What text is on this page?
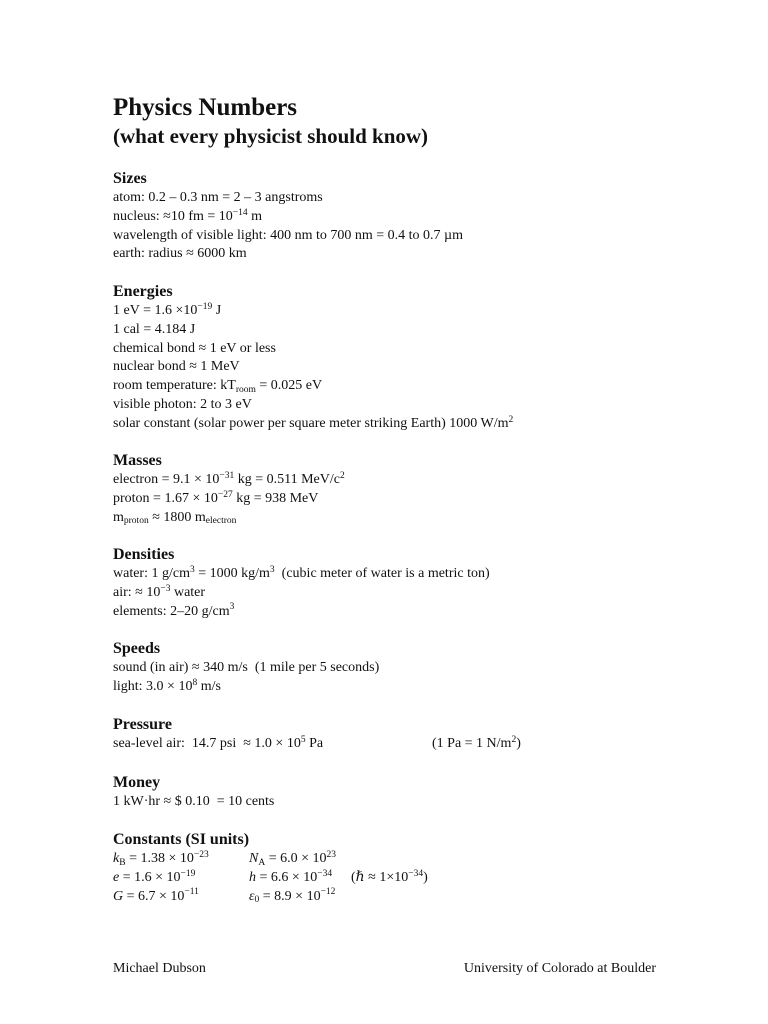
Physics Numbers
(what every physicist should know)
Sizes
atom: 0.2 – 0.3 nm = 2 – 3 angstroms
nucleus: ≈10 fm = $10^{-14}$ m
wavelength of visible light: 400 nm to 700 nm = 0.4 to 0.7 µm
earth: radius ≈ 6000 km
Energies
1 eV = $1.6 \times 10^{-19}$ J
1 cal = 4.184 J
chemical bond ≈ 1 eV or less
nuclear bond ≈ 1 MeV
room temperature: $kT_{room} = 0.025$ eV
visible photon: 2 to 3 eV
solar constant (solar power per square meter striking Earth) 1000 $W/m^2$
Masses
electron = $9.1 \times 10^{-31}$ kg = 0.511 MeV/$c^2$
proton = $1.67 \times 10^{-27}$ kg = 938 MeV
$m_{proton} \approx 1800$ $m_{electron}$
Densities
water: 1 $g/cm^3 = 1000$ $kg/m^3$  (cubic meter of water is a metric ton)
air: ≈ $10^{-3}$ water
elements: 2–20 $g/cm^3$
Speeds
sound (in air) ≈ 340 m/s  (1 mile per 5 seconds)
light: $3.0 \times 10^8$ m/s
Pressure
sea-level air:  14.7 psi  ≈ $1.0 \times 10^5$ Pa	(1 Pa = 1 $N/m^2$)
Money
1 kW·hr ≈ $ 0.10  = 10 cents
Constants (SI units)
$k_B = 1.38 \times 10^{-23}$	$N_A = 6.0 \times 10^{23}$
$e = 1.6 \times 10^{-19}$	$h = 6.6 \times 10^{-34}$ (ℏ ≈ $1\times 10^{-34}$)
$G = 6.7 \times 10^{-11}$	$\varepsilon_0 = 8.9 \times 10^{-12}$
Michael Dubson	University of Colorado at Boulder
